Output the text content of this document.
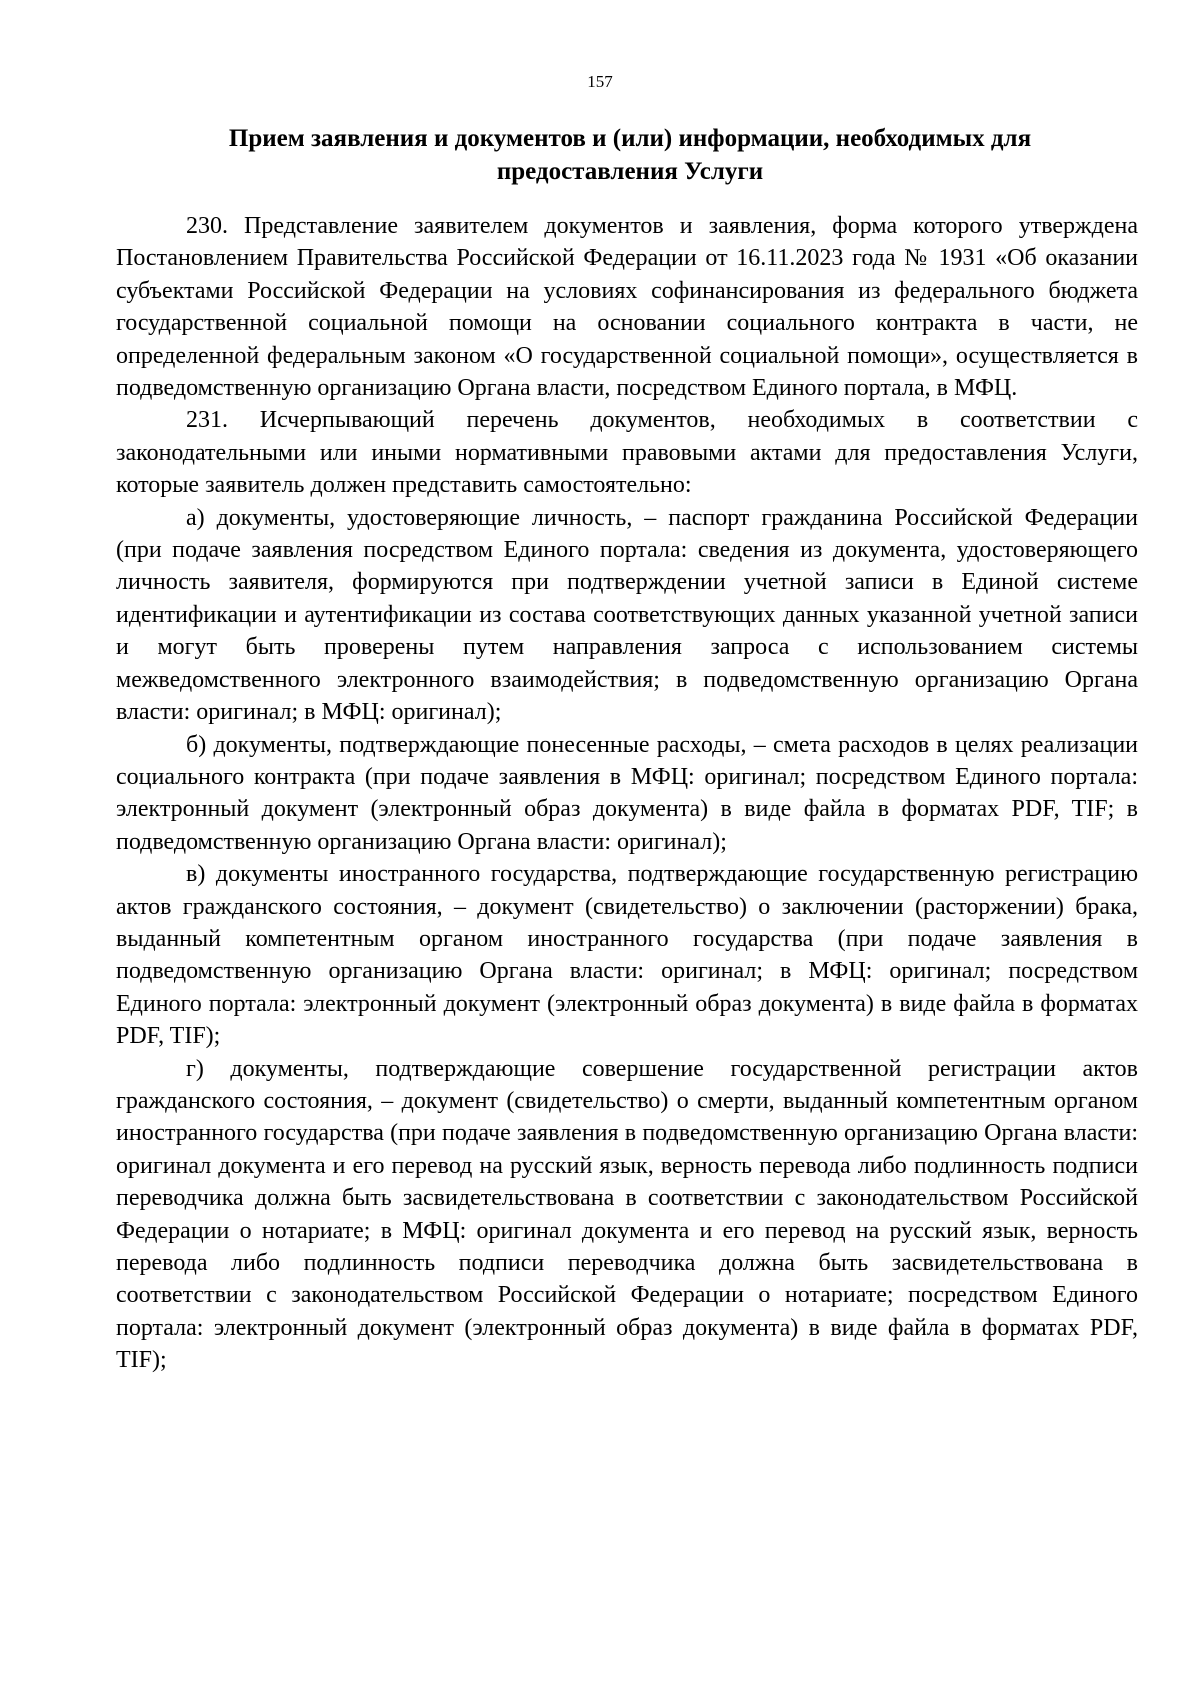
157
Прием заявления и документов и (или) информации, необходимых для предоставления Услуги

230. Представление заявителем документов и заявления, форма которого утверждена Постановлением Правительства Российской Федерации от 16.11.2023 года № 1931 «Об оказании субъектами Российской Федерации на условиях софинансирования из федерального бюджета государственной социальной помощи на основании социального контракта в части, не определенной федеральным законом «О государственной социальной помощи», осуществляется в подведомственную организацию Органа власти, посредством Единого портала, в МФЦ.

231. Исчерпывающий перечень документов, необходимых в соответствии с законодательными или иными нормативными правовыми актами для предоставления Услуги, которые заявитель должен представить самостоятельно:

а) документы, удостоверяющие личность, – паспорт гражданина Российской Федерации (при подаче заявления посредством Единого портала: сведения из документа, удостоверяющего личность заявителя, формируются при подтверждении учетной записи в Единой системе идентификации и аутентификации из состава соответствующих данных указанной учетной записи и могут быть проверены путем направления запроса с использованием системы межведомственного электронного взаимодействия; в подведомственную организацию Органа власти: оригинал; в МФЦ: оригинал);

б) документы, подтверждающие понесенные расходы, – смета расходов в целях реализации социального контракта (при подаче заявления в МФЦ: оригинал; посредством Единого портала: электронный документ (электронный образ документа) в виде файла в форматах PDF, TIF; в подведомственную организацию Органа власти: оригинал);

в) документы иностранного государства, подтверждающие государственную регистрацию актов гражданского состояния, – документ (свидетельство) о заключении (расторжении) брака, выданный компетентным органом иностранного государства (при подаче заявления в подведомственную организацию Органа власти: оригинал; в МФЦ: оригинал; посредством Единого портала: электронный документ (электронный образ документа) в виде файла в форматах PDF, TIF);

г) документы, подтверждающие совершение государственной регистрации актов гражданского состояния, – документ (свидетельство) о смерти, выданный компетентным органом иностранного государства (при подаче заявления в подведомственную организацию Органа власти: оригинал документа и его перевод на русский язык, верность перевода либо подлинность подписи переводчика должна быть засвидетельствована в соответствии с законодательством Российской Федерации о нотариате; в МФЦ: оригинал документа и его перевод на русский язык, верность перевода либо подлинность подписи переводчика должна быть засвидетельствована в соответствии с законодательством Российской Федерации о нотариате; посредством Единого портала: электронный документ (электронный образ документа) в виде файла в форматах PDF, TIF);
